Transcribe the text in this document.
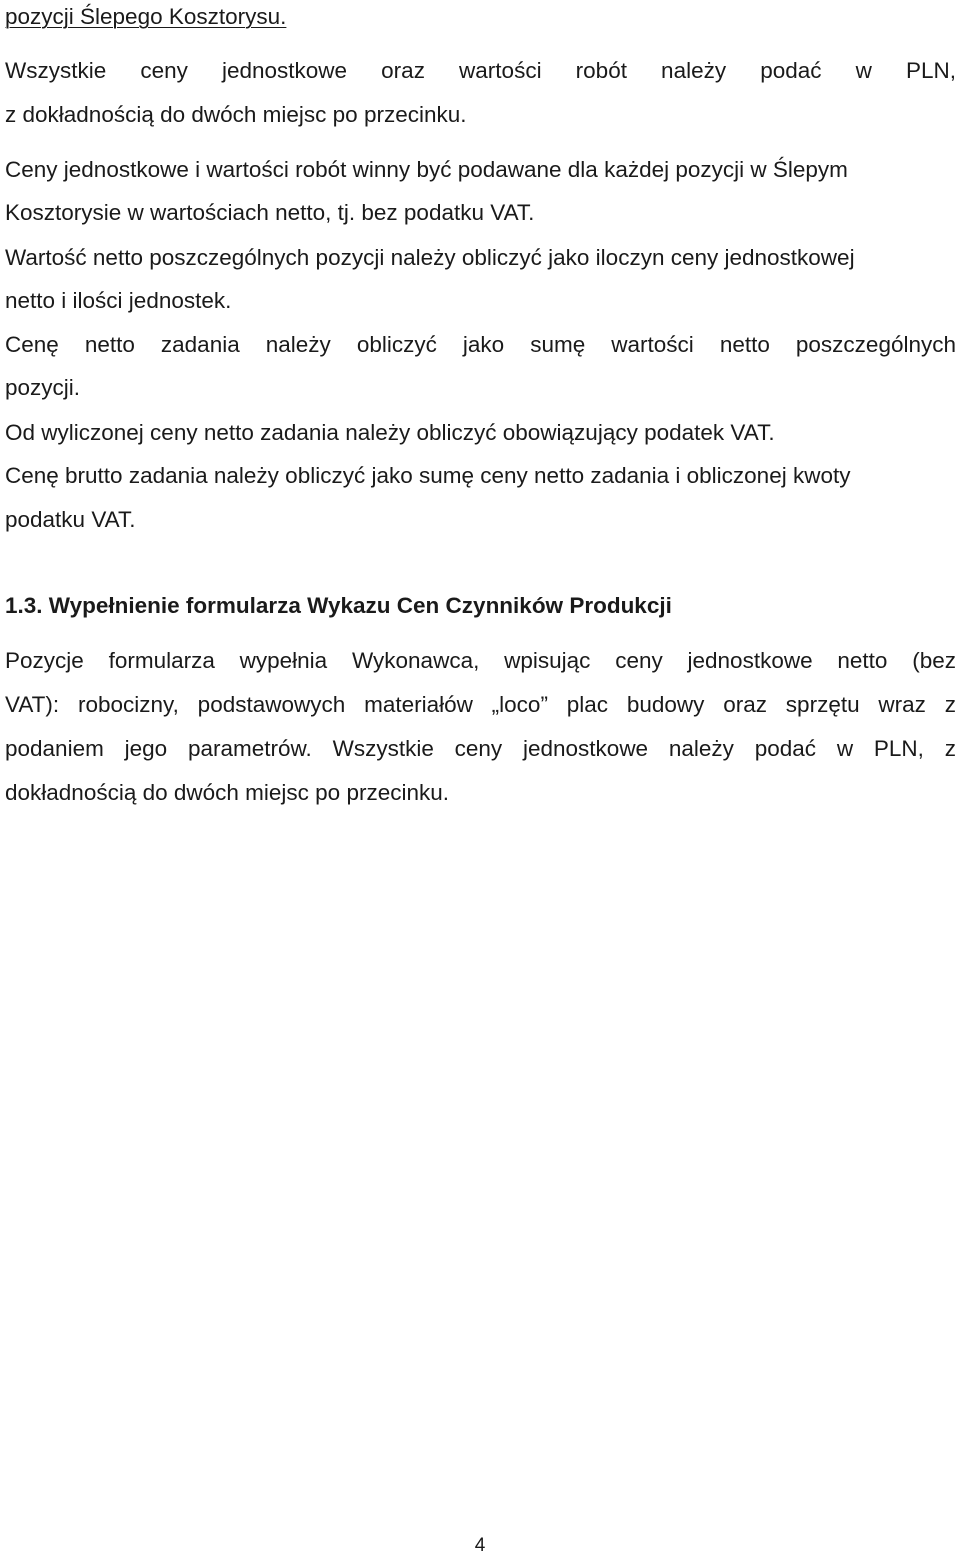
pozycji Ślepego Kosztorysu.

Wszystkie ceny jednostkowe oraz wartości robót należy podać w PLN,

z dokładnością do dwóch miejsc po przecinku.

Ceny jednostkowe i wartości robót winny być podawane dla każdej pozycji w Ślepym

Kosztorysie w wartościach netto, tj. bez podatku VAT.

Wartość netto poszczególnych pozycji należy obliczyć jako iloczyn ceny jednostkowej

netto i ilości jednostek.

Cenę netto zadania należy obliczyć jako sumę wartości netto poszczególnych

pozycji.

Od wyliczonej ceny netto zadania należy obliczyć obowiązujący podatek VAT.

Cenę brutto zadania należy obliczyć jako sumę ceny netto zadania i obliczonej kwoty

podatku VAT.

1.3. Wypełnienie formularza Wykazu Cen Czynników Produkcji

Pozycje formularza wypełnia Wykonawca, wpisując ceny jednostkowe netto (bez

VAT): robocizny, podstawowych materiałów „loco” plac budowy oraz sprzętu wraz z

podaniem jego parametrów. Wszystkie ceny jednostkowe należy podać w PLN, z

dokładnością do dwóch miejsc po przecinku.

4
